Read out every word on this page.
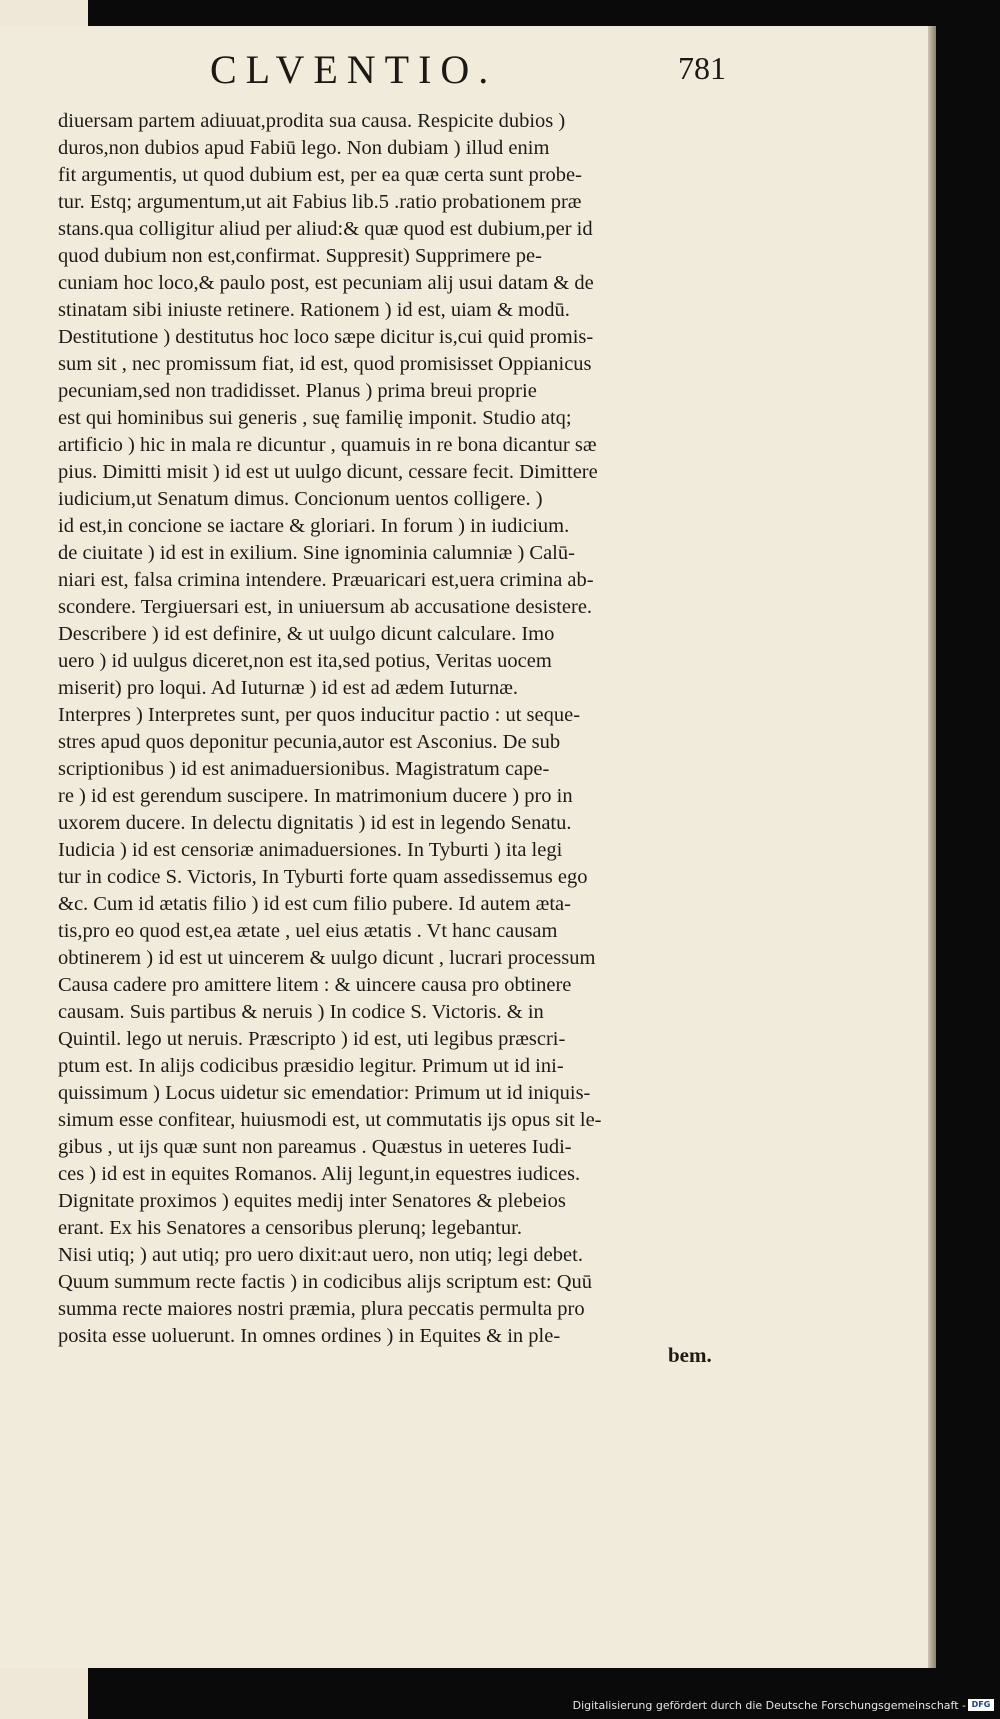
CLVENTIO.	781
diuersam partem adiuuat,prodita sua causa. Respicite dubios )
duros,non dubios apud Fabiū lego. Non dubiam ) illud enim
fit argumentis, ut quod dubium est, per ea quæ certa sunt probe-
tur. Estq; argumentum,ut ait Fabius lib.5 .ratio probationem præ
stans.qua colligitur aliud per aliud:& quæ quod est dubium,per id
quod dubium non est,confirmat. Suppresit) Supprimere pe-
cuniam hoc loco,& paulo post, est pecuniam alij usui datam & de
stinatam sibi iniuste retinere. Rationem ) id est, uiam & modū.
Destitutione ) destitutus hoc loco sæpe dicitur is,cui quid promis-
sum sit , nec promissum fiat, id est, quod promisisset Oppianicus
pecuniam,sed non tradidisset. Planus ) prima breui proprie
est qui hominibus sui generis , suę familię imponit. Studio atq;
artificio ) hic in mala re dicuntur , quamuis in re bona dicantur sæ
pius. Dimitti misit ) id est ut uulgo dicunt, cessare fecit. Dimittere
iudicium,ut Senatum dimus. Concionum uentos colligere. )
id est,in concione se iactare & gloriari. In forum ) in iudicium.
de ciuitate ) id est in exilium. Sine ignominia calumniæ ) Calū-
niari est, falsa crimina intendere. Præuaricari est,uera crimina ab-
scondere. Tergiuersari est, in uniuersum ab accusatione desistere.
Describere ) id est definire, & ut uulgo dicunt calculare. Imo
uero ) id uulgus diceret,non est ita,sed potius, Veritas uocem
miserit) pro loqui. Ad Iuturnæ ) id est ad ædem Iuturnæ.
Interpres ) Interpretes sunt, per quos inducitur pactio : ut seque-
stres apud quos deponitur pecunia,autor est Asconius. De sub
scriptionibus ) id est animaduersionibus. Magistratum cape-
re ) id est gerendum suscipere. In matrimonium ducere ) pro in
uxorem ducere. In delectu dignitatis ) id est in legendo Senatu.
Iudicia ) id est censoriæ animaduersiones. In Tyburti ) ita legi
tur in codice S. Victoris, In Tyburti forte quam assedissemus ego
&c. Cum id ætatis filio ) id est cum filio pubere. Id autem æta-
tis,pro eo quod est,ea ætate , uel eius ætatis . Vt hanc causam
obtinerem ) id est ut uincerem & uulgo dicunt , lucrari processum
Causa cadere pro amittere litem : & uincere causa pro obtinere
causam. Suis partibus & neruis ) In codice S. Victoris. & in
Quintil. lego ut neruis. Præscripto ) id est, uti legibus præscri-
ptum est. In alijs codicibus præsidio legitur. Primum ut id ini-
quissimum ) Locus uidetur sic emendatior: Primum ut id iniquis-
simum esse confitear, huiusmodi est, ut commutatis ijs opus sit le-
gibus , ut ijs quæ sunt non pareamus . Quæstus in ueteres Iudi-
ces ) id est in equites Romanos. Alij legunt,in equestres iudices.
Dignitate proximos ) equites medij inter Senatores & plebeios
erant. Ex his Senatores a censoribus plerunq; legebantur.
Nisi utiq; ) aut utiq; pro uero dixit:aut uero, non utiq; legi debet.
Quum summum recte factis ) in codicibus alijs scriptum est: Quū
summa recte maiores nostri præmia, plura peccatis permulta pro
posita esse uoluerunt. In omnes ordines ) in Equites & in ple-
bem.
Digitalisierung gefördert durch die Deutsche Forschungsgemeinschaft - DFG
